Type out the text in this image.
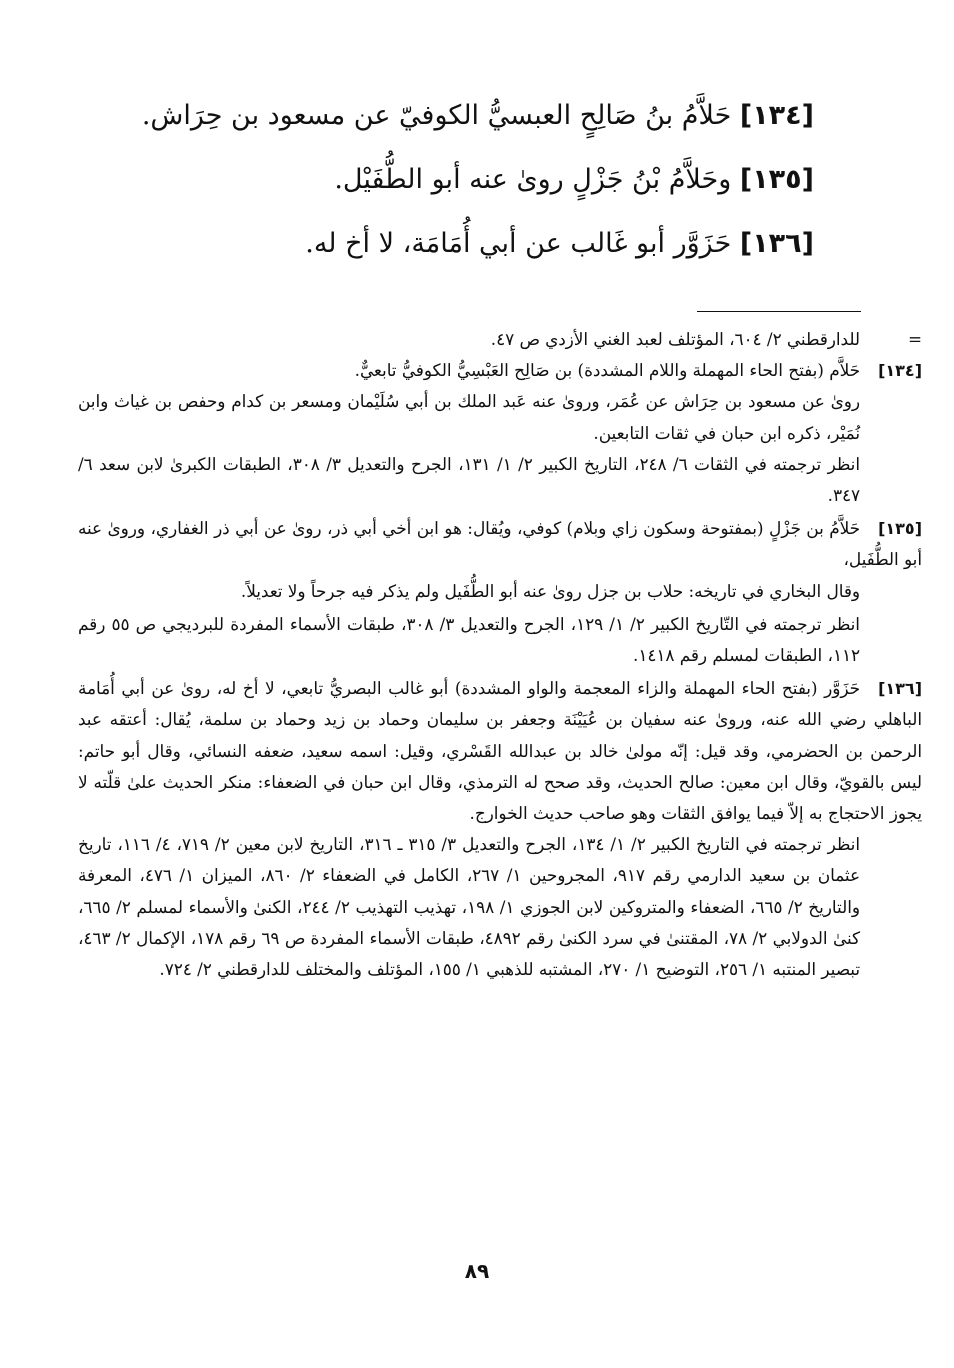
[١٣٤] حَلاَّمُ بنُ صَالِحٍ العبسيُّ الكوفيّ عن مسعود بن حِرَاش.
[١٣٥] وحَلاَّمُ بْنُ جَزْلٍ روىٰ عنه أبو الطُّفَيْل.
[١٣٦] حَزَوَّر أبو غَالب عن أبي أُمَامَة، لا أخ له.

=للدارقطني ٢/ ٦٠٤، المؤتلف لعبد الغني الأزدي ص ٤٧.

[١٣٤]حَلاَّم (بفتح الحاء المهملة واللام المشددة) بن صَالِح العَبْسِيُّ الكوفيُّ تابعيٌّ.

روىٰ عن مسعود بن حِرَاش عن عُمَر، وروىٰ عنه عَبد الملك بن أبي سُلَيْمان ومسعر بن كدام وحفص بن غياث وابن نُمَيْر، ذكره ابن حبان في ثقات التابعين.

انظر ترجمته في الثقات ٦/ ٢٤٨، التاريخ الكبير ٢/ ١/ ١٣١، الجرح والتعديل ٣/ ٣٠٨، الطبقات الكبرىٰ لابن سعد ٦/ ٣٤٧.

[١٣٥]حَلاَّمُ بن جَزْلٍ (بمفتوحة وسكون زاي وبلام) كوفي، ويُقال: هو ابن أخي أبي ذر، روىٰ عن أبي ذر الغفاري، وروىٰ عنه أبو الطُّفَيل،

وقال البخاري في تاريخه: حلاب بن جزل روىٰ عنه أبو الطُّفَيل ولم يذكر فيه جرحاً ولا تعديلاً.

انظر ترجمته في التّاريخ الكبير ٢/ ١/ ١٢٩، الجرح والتعديل ٣/ ٣٠٨، طبقات الأسماء المفردة للبرديجي ص ٥٥ رقم ١١٢، الطبقات لمسلم رقم ١٤١٨.

[١٣٦]حَزَوَّر (بفتح الحاء المهملة والزاء المعجمة والواو المشددة) أبو غالب البصريُّ تابعي، لا أخ له، روىٰ عن أبي أُمَامة الباهلي رضي الله عنه، وروىٰ عنه سفيان بن عُيَيْنَة وجعفر بن سليمان وحماد بن زيد وحماد بن سلمة، يُقال: أعتقه عبد الرحمن بن الحضرمي، وقد قيل: إنّه مولىٰ خالد بن عبدالله القَسْري، وقيل: اسمه سعيد، ضعفه النسائي، وقال أبو حاتم: ليس بالقويّ، وقال ابن معين: صالح الحديث، وقد صحح له الترمذي، وقال ابن حبان في الضعفاء: منكر الحديث علىٰ قلّته لا يجوز الاحتجاج به إلاّ فيما يوافق الثقات وهو صاحب حديث الخوارج.

انظر ترجمته في التاريخ الكبير ٢/ ١/ ١٣٤، الجرح والتعديل ٣/ ٣١٥ ـ ٣١٦، التاريخ لابن معين ٢/ ٧١٩، ٤/ ١١٦، تاريخ عثمان بن سعيد الدارمي رقم ٩١٧، المجروحين ١/ ٢٦٧، الكامل في الضعفاء ٢/ ٨٦٠، الميزان ١/ ٤٧٦، المعرفة والتاريخ ٢/ ٦٦٥، الضعفاء والمتروكين لابن الجوزي ١/ ١٩٨، تهذيب التهذيب ٢/ ٢٤٤، الكنىٰ والأسماء لمسلم ٢/ ٦٦٥، كنىٰ الدولابي ٢/ ٧٨، المقتنىٰ في سرد الكنىٰ رقم ٤٨٩٢، طبقات الأسماء المفردة ص ٦٩ رقم ١٧٨، الإكمال ٢/ ٤٦٣، تبصير المنتبه ١/ ٢٥٦، التوضيح ١/ ٢٧٠، المشتبه للذهبي ١/ ١٥٥، المؤتلف والمختلف للدارقطني ٢/ ٧٢٤.

٨٩
